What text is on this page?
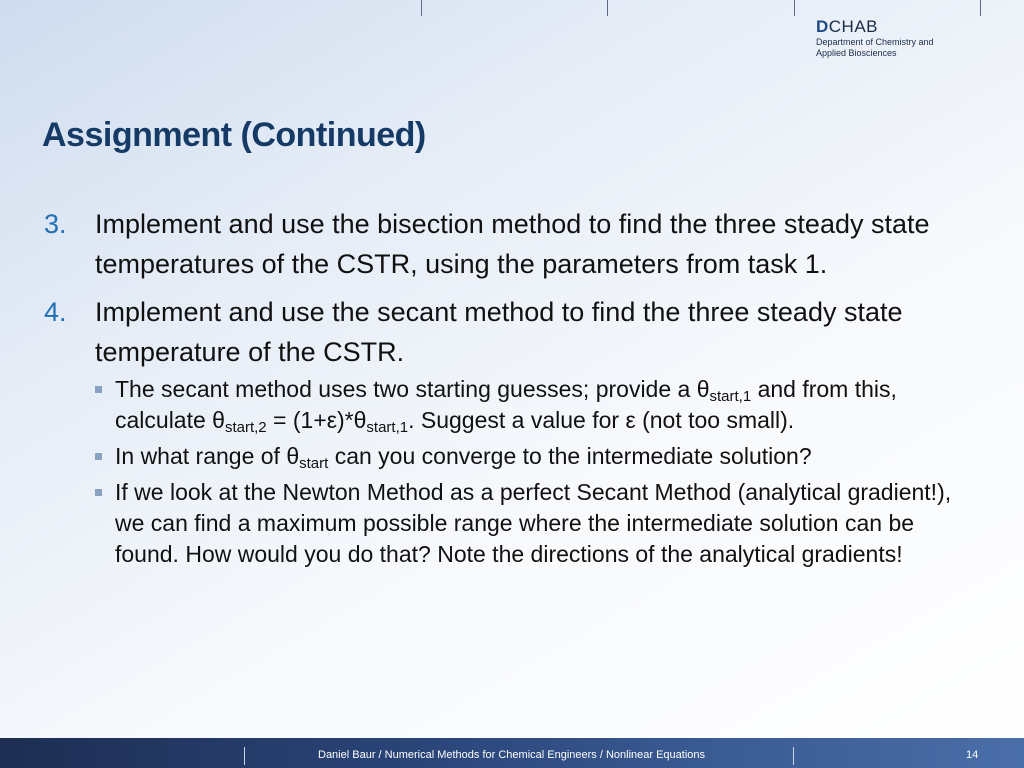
DCHAB
Department of Chemistry and
Applied Biosciences
Assignment (Continued)
3. Implement and use the bisection method to find the three steady state temperatures of the CSTR, using the parameters from task 1.
4. Implement and use the secant method to find the three steady state temperature of the CSTR.
The secant method uses two starting guesses; provide a $\theta_{start,1}$ and from this, calculate $\theta_{start,2} = (1+\varepsilon)*\theta_{start,1}$. Suggest a value for ε (not too small).
In what range of $\theta_{start}$ can you converge to the intermediate solution?
If we look at the Newton Method as a perfect Secant Method (analytical gradient!), we can find a maximum possible range where the intermediate solution can be found. How would you do that? Note the directions of the analytical gradients!
Daniel Baur / Numerical Methods for Chemical Engineers / Nonlinear Equations	14
